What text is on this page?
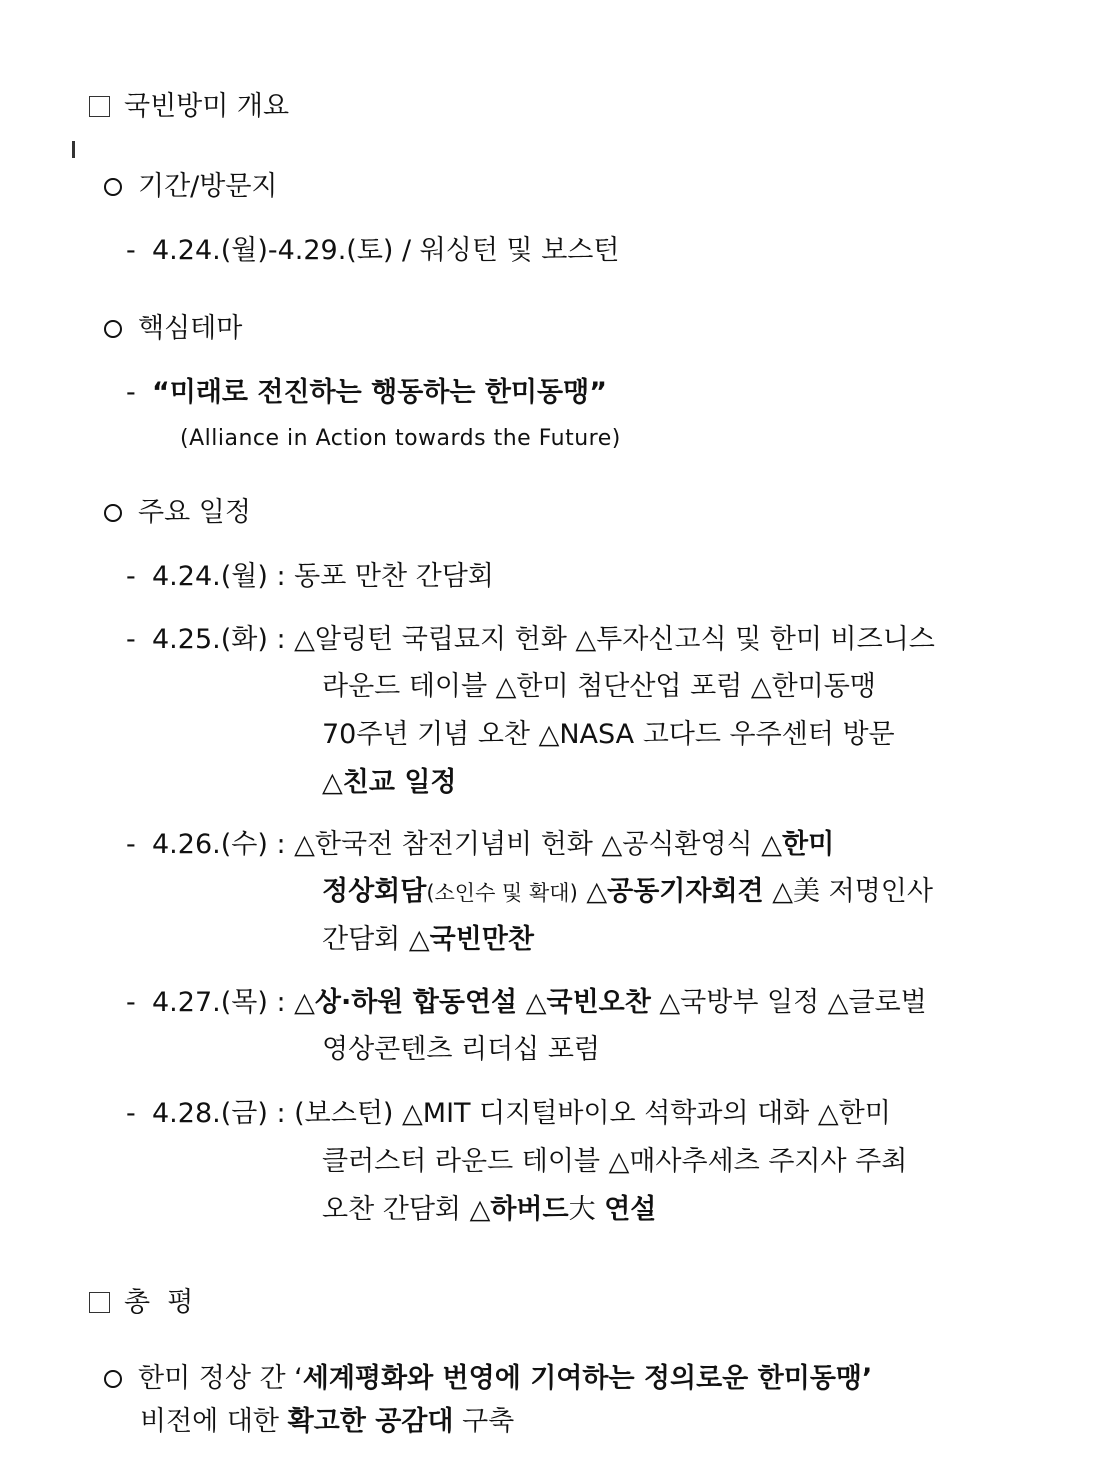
국빈방미 개요
기간/방문지
- 4.24.(월)-4.29.(토) / 워싱턴 및 보스턴
핵심테마
- “미래로 전진하는 행동하는 한미동맹”
(Alliance in Action towards the Future)
주요 일정
- 4.24.(월) : 동포 만찬 간담회
- 4.25.(화) : △알링턴 국립묘지 헌화 △투자신고식 및 한미 비즈니스
라운드 테이블 △한미 첨단산업 포럼 △한미동맹
70주년 기념 오찬 △NASA 고다드 우주센터 방문
△친교 일정
- 4.26.(수) : △한국전 참전기념비 헌화 △공식환영식 △한미
정상회담(소인수 및 확대) △공동기자회견 △美 저명인사
간담회 △국빈만찬
- 4.27.(목) : △상·하원 합동연설 △국빈오찬 △국방부 일정 △글로벌
영상콘텐츠 리더십 포럼
- 4.28.(금) : (보스턴) △MIT 디지털바이오 석학과의 대화 △한미
클러스터 라운드 테이블 △매사추세츠 주지사 주최
오찬 간담회 △하버드大 연설
총  평
한미 정상 간 ‘세계평화와 번영에 기여하는 정의로운 한미동맹’
비전에 대한 확고한 공감대 구축
